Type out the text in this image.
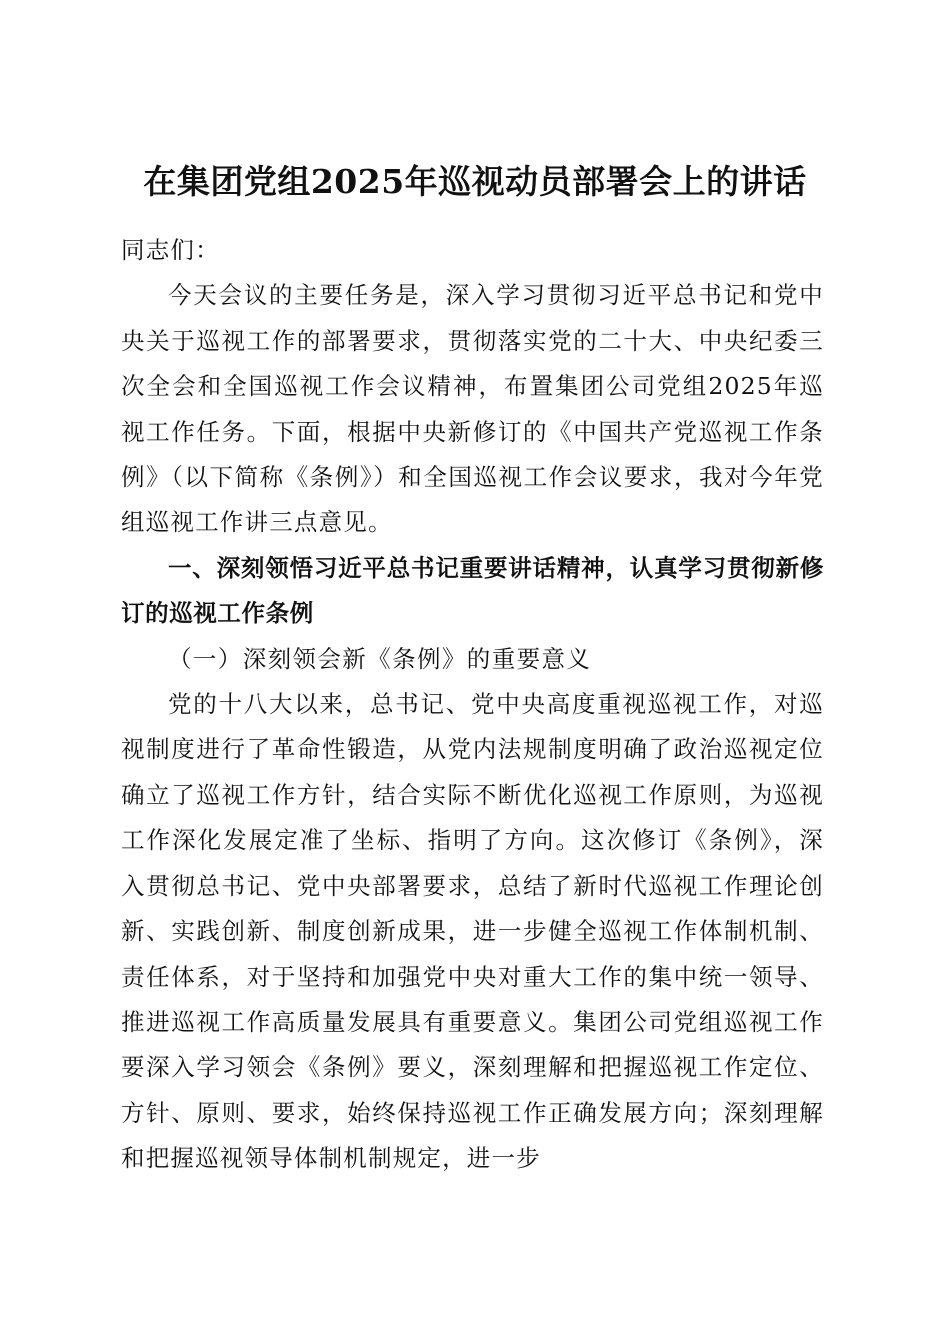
在集团党组2025年巡视动员部署会上的讲话

同志们：

今天会议的主要任务是，深入学习贯彻习近平总书记和党中央关于巡视工作的部署要求，贯彻落实党的二十大、中央纪委三次全会和全国巡视工作会议精神，布置集团公司党组2025年巡视工作任务。下面，根据中央新修订的《中国共产党巡视工作条例》（以下简称《条例》）和全国巡视工作会议要求，我对今年党组巡视工作讲三点意见。

一、深刻领悟习近平总书记重要讲话精神，认真学习贯彻新修订的巡视工作条例

（一）深刻领会新《条例》的重要意义

党的十八大以来，总书记、党中央高度重视巡视工作，对巡视制度进行了革命性锻造，从党内法规制度明确了政治巡视定位确立了巡视工作方针，结合实际不断优化巡视工作原则，为巡视工作深化发展定准了坐标、指明了方向。这次修订《条例》，深入贯彻总书记、党中央部署要求，总结了新时代巡视工作理论创新、实践创新、制度创新成果，进一步健全巡视工作体制机制、责任体系，对于坚持和加强党中央对重大工作的集中统一领导、推进巡视工作高质量发展具有重要意义。集团公司党组巡视工作要深入学习领会《条例》要义，深刻理解和把握巡视工作定位、方针、原则、要求，始终保持巡视工作正确发展方向；深刻理解和把握巡视领导体制机制规定，进一步
